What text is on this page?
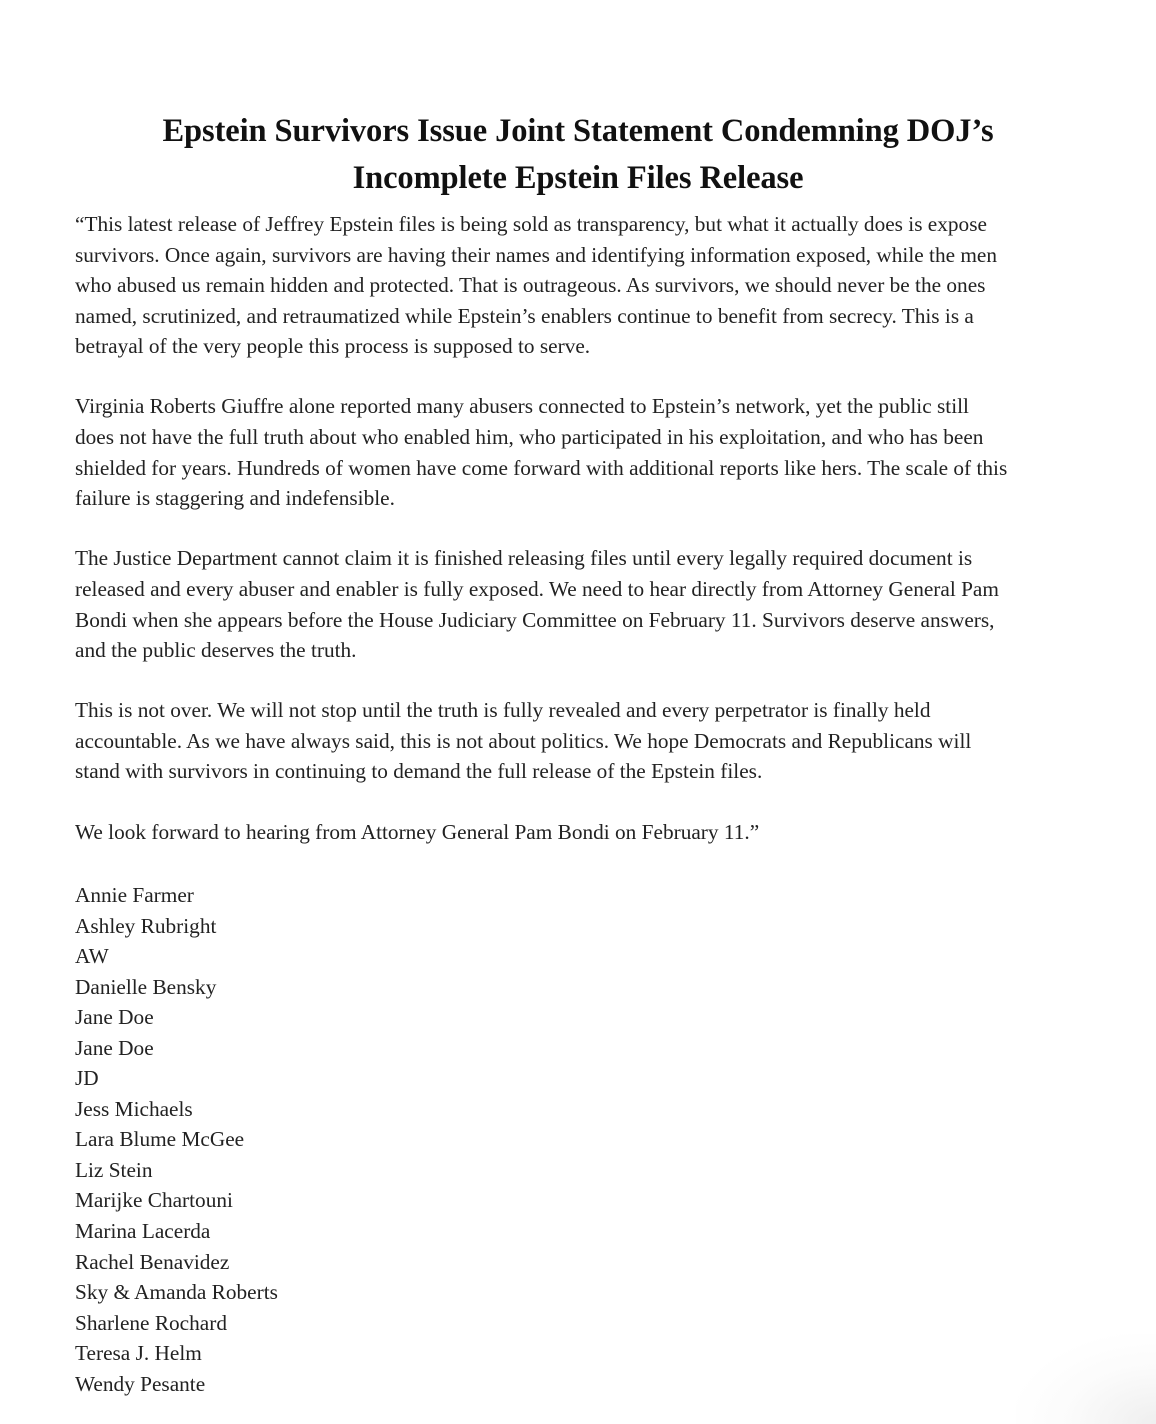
Epstein Survivors Issue Joint Statement Condemning DOJ’s
Incomplete Epstein Files Release

“This latest release of Jeffrey Epstein files is being sold as transparency, but what it actually does is expose
survivors. Once again, survivors are having their names and identifying information exposed, while the men
who abused us remain hidden and protected. That is outrageous. As survivors, we should never be the ones
named, scrutinized, and retraumatized while Epstein’s enablers continue to benefit from secrecy. This is a
betrayal of the very people this process is supposed to serve.

Virginia Roberts Giuffre alone reported many abusers connected to Epstein’s network, yet the public still
does not have the full truth about who enabled him, who participated in his exploitation, and who has been
shielded for years. Hundreds of women have come forward with additional reports like hers. The scale of this
failure is staggering and indefensible.

The Justice Department cannot claim it is finished releasing files until every legally required document is
released and every abuser and enabler is fully exposed. We need to hear directly from Attorney General Pam
Bondi when she appears before the House Judiciary Committee on February 11. Survivors deserve answers,
and the public deserves the truth.

This is not over. We will not stop until the truth is fully revealed and every perpetrator is finally held
accountable. As we have always said, this is not about politics. We hope Democrats and Republicans will
stand with survivors in continuing to demand the full release of the Epstein files.

We look forward to hearing from Attorney General Pam Bondi on February 11.”

Annie Farmer
Ashley Rubright
AW
Danielle Bensky
Jane Doe
Jane Doe
JD
Jess Michaels
Lara Blume McGee
Liz Stein
Marijke Chartouni
Marina Lacerda
Rachel Benavidez
Sky & Amanda Roberts
Sharlene Rochard
Teresa J. Helm
Wendy Pesante
